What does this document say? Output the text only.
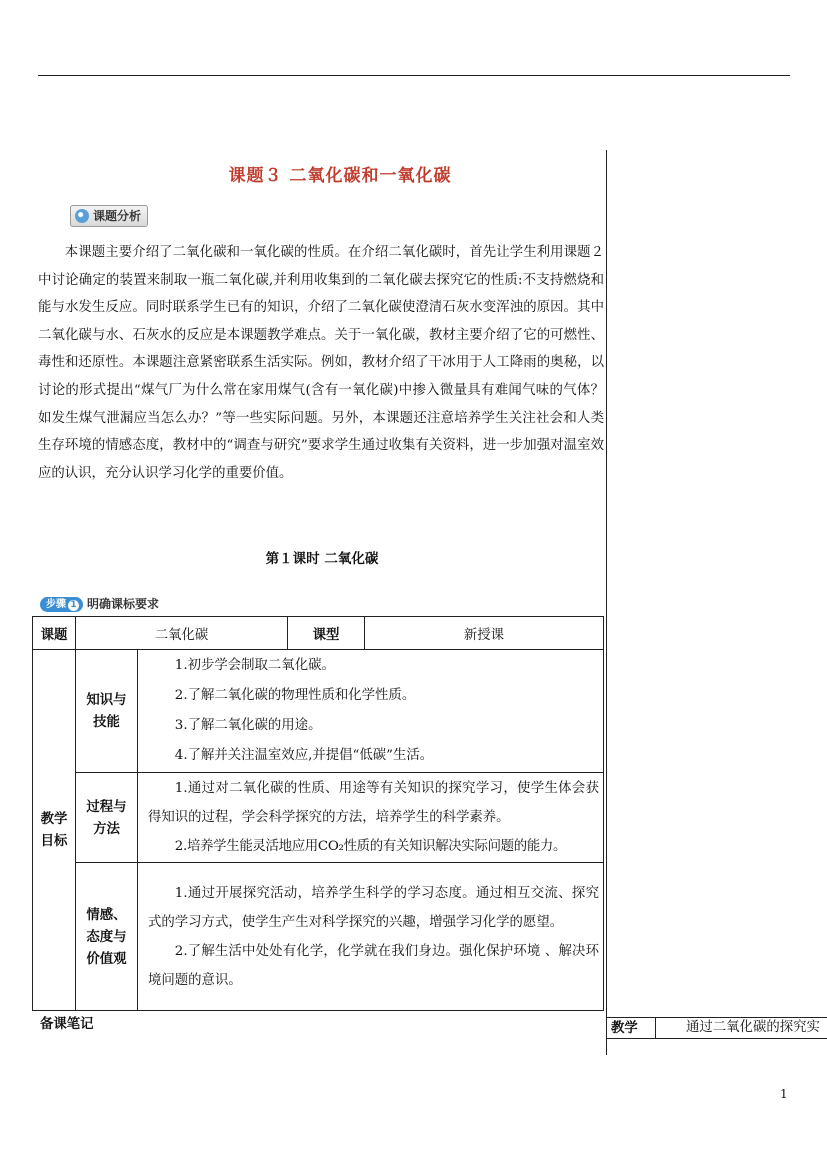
课题３ 二氧化碳和一氧化碳
课题分析

本课题主要介绍了二氧化碳和一氧化碳的性质。在介绍二氧化碳时，首先让学生利用课题２中讨论确定的装置来制取一瓶二氧化碳,并利用收集到的二氧化碳去探究它的性质:不支持燃烧和能与水发生反应。同时联系学生已有的知识，介绍了二氧化碳使澄清石灰水变浑浊的原因。其中二氧化碳与水、石灰水的反应是本课题教学难点。关于一氧化碳，教材主要介绍了它的可燃性、毒性和还原性。本课题注意紧密联系生活实际。例如，教材介绍了干冰用于人工降雨的奥秘，以讨论的形式提出“煤气厂为什么常在家用煤气(含有一氧化碳)中掺入微量具有难闻气味的气体？如发生煤气泄漏应当怎么办？”等一些实际问题。另外，本课题还注意培养学生关注社会和人类生存环境的情感态度，教材中的“调查与研究”要求学生通过收集有关资料，进一步加强对温室效应的认识，充分认识学习化学的重要价值。

第１课时 二氧化碳
步骤 1 明确课标要求
课题	二氧化碳		课型	新授课
教学目标	知识与技能	1.初步学会制取二氧化碳。

2.了解二氧化碳的物理性质和化学性质。

3.了解二氧化碳的用途。

4.了解并关注温室效应,并提倡“低碳”生活。		

	过程与方法	1.通过对二氧化碳的性质、用途等有关知识的探究学习，使学生体会获得知识的过程，学会科学探究的方法，培养学生的科学素养。

2.培养学生能灵活地应用CO₂性质的有关知识解决实际问题的能力。		

	情感、态度与价值观	1.通过开展探究活动，培养学生科学的学习态度。通过相互交流、探究式的学习方式，使学生产生对科学探究的兴趣，增强学习化学的愿望。

2.了解生活中处处有化学，化学就在我们身边。强化保护环境 、解决环境问题的意识。		

备课笔记	教学	通过二氧化碳的探究实
1
